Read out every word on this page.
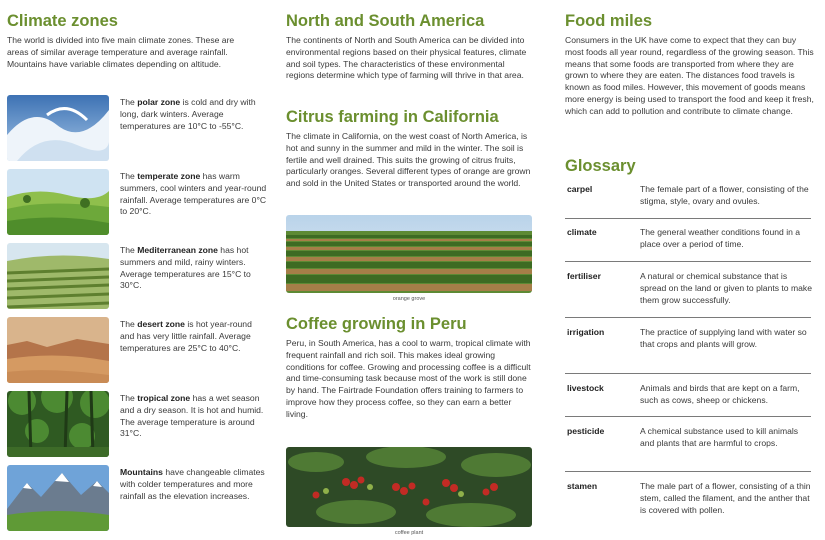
Climate zones

The world is divided into five main climate zones. These are areas of similar average temperature and average rainfall. Mountains have variable climates depending on altitude.

The polar zone is cold and dry with long, dark winters. Average temperatures are 10°C to -55°C.
The temperate zone has warm summers, cool winters and year-round rainfall. Average temperatures are 0°C to 20°C.
The Mediterranean zone has hot summers and mild, rainy winters. Average temperatures are 15°C to 30°C.
The desert zone is hot year-round and has very little rainfall. Average temperatures are 25°C to 40°C.
The tropical zone has a wet season and a dry season. It is hot and humid. The average temperature is around 31°C.
Mountains have changeable climates with colder temperatures and more rainfall as the elevation increases.
North and South America

The continents of North and South America can be divided into environmental regions based on their physical features, climate and soil types. The characteristics of these environmental regions determine which type of farming will thrive in that area.

Citrus farming in California

The climate in California, on the west coast of North America, is hot and sunny in the summer and mild in the winter. The soil is fertile and well drained. This suits the growing of citrus fruits, particularly oranges. Several different types of orange are grown and sold in the United States or transported around the world.

orange grove
Coffee growing in Peru

Peru, in South America, has a cool to warm, tropical climate with frequent rainfall and rich soil. This makes ideal growing conditions for coffee. Growing and processing coffee is a difficult and time-consuming task because most of the work is still done by hand. The Fairtrade Foundation offers training to farmers to improve how they process coffee, so they can earn a better living.

coffee plant
Food miles

Consumers in the UK have come to expect that they can buy most foods all year round, regardless of the growing season. This means that some foods are transported from where they are grown to where they are eaten. The distances food travels is known as food miles. However, this movement of goods means more energy is being used to transport the food and keep it fresh, which can add to pollution and contribute to climate change.

Glossary
carpel	The female part of a flower, consisting of the stigma, style, ovary and ovules.
climate	The general weather conditions found in a place over a period of time.
fertiliser	A natural or chemical substance that is spread on the land or given to plants to make them grow successfully.
irrigation	The practice of supplying land with water so that crops and plants will grow.
livestock	Animals and birds that are kept on a farm, such as cows, sheep or chickens.
pesticide	A chemical substance used to kill animals and plants that are harmful to crops.
stamen	The male part of a flower, consisting of a thin stem, called the filament, and the anther that is covered with pollen.
